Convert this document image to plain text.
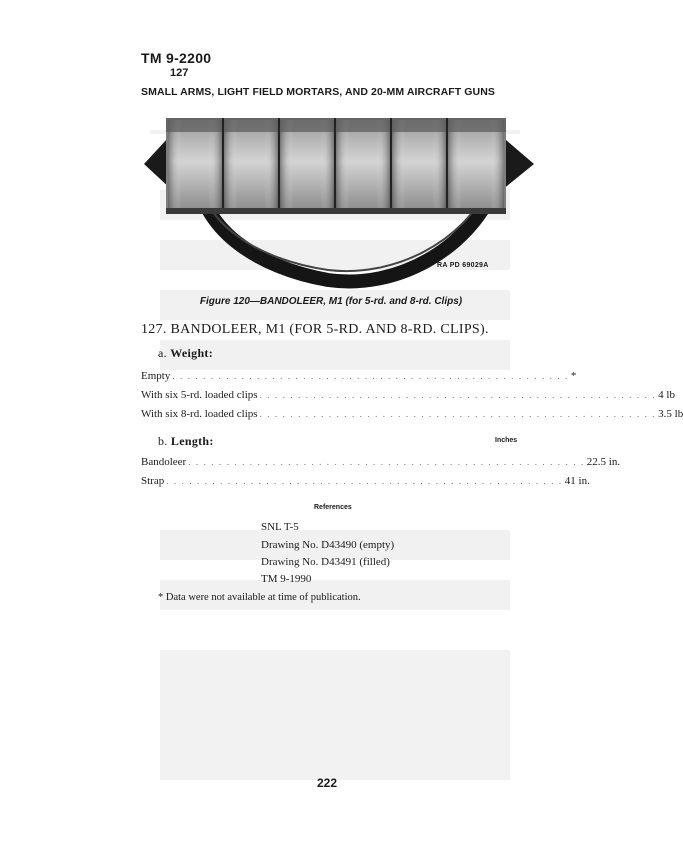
TM 9-2200
127
SMALL ARMS, LIGHT FIELD MORTARS, AND 20-MM AIRCRAFT GUNS
RA PD 69029A
Figure 120—BANDOLEER, M1 (for 5-rd. and 8-rd. Clips)
127. BANDOLEER, M1 (FOR 5-RD. AND 8-RD. CLIPS).
a. Weight:
Empty . . . . . . . . . . . . . . . . . . . . . . . . . . . . . . . . . . . . . . . . . . . . . . . . . . . . *
With six 5-rd. loaded clips . . . . . . . . . . . . . . . . . . . . . . . . . . . . . . . . . . . . . . . . . . . . . . . . . . . . 4 lb
With six 8-rd. loaded clips . . . . . . . . . . . . . . . . . . . . . . . . . . . . . . . . . . . . . . . . . . . . . . . . . . . . 3.5 lb
b. Length:	Inches
Bandoleer . . . . . . . . . . . . . . . . . . . . . . . . . . . . . . . . . . . . . . . . . . . . . . . . . . . . 22.5 in.
Strap . . . . . . . . . . . . . . . . . . . . . . . . . . . . . . . . . . . . . . . . . . . . . . . . . . . . 41 in.
References
SNL T-5
Drawing No. D43490 (empty)
Drawing No. D43491 (filled)
TM 9-1990
* Data were not available at time of publication.
222
